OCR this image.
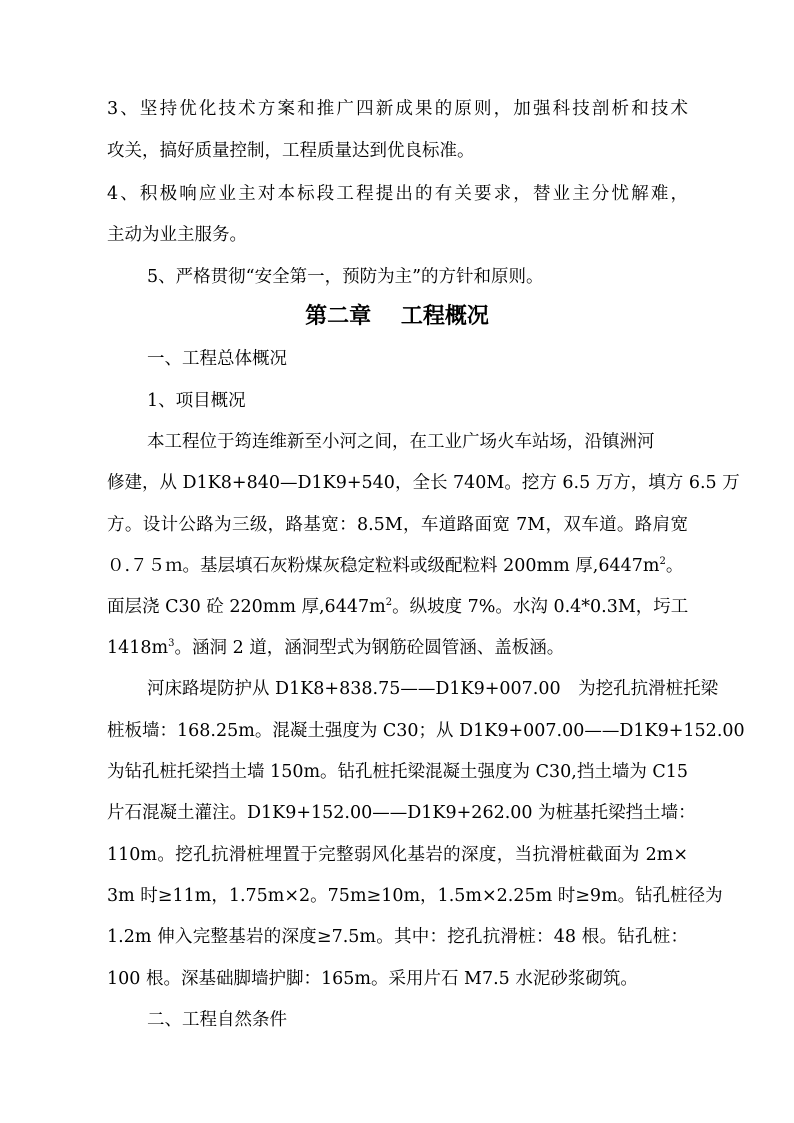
3、坚持优化技术方案和推广四新成果的原则，加强科技剖析和技术

攻关，搞好质量控制，工程质量达到优良标准。

4、积极响应业主对本标段工程提出的有关要求，替业主分忧解难，

主动为业主服务。

5、严格贯彻“安全第一，预防为主”的方针和原则。

第二章　 工程概况

一、工程总体概况

1、项目概况

本工程位于筠连维新至小河之间，在工业广场火车站场，沿镇洲河

修建，从 D1K8+840—D1K9+540，全长 740M。挖方 6.5 万方，填方 6.5 万

方。设计公路为三级，路基宽：8.5M，车道路面宽 7M，双车道。路肩宽

０.７５ｍ。基层填石灰粉煤灰稳定粒料或级配粒料 200mm 厚$,6447m^2$。

面层浇 C30 砼 220mm 厚$,6447m^2$。纵坡度 7%。水沟 0.4*0.3M，圬工

$1418m^3$。涵洞 2 道，涵洞型式为钢筋砼圆管涵、盖板涵。

河床路堤防护从 D1K8+838.75——D1K9+007.00　为挖孔抗滑桩托梁

桩板墙：168.25m。混凝土强度为 C30；从 D1K9+007.00——D1K9+152.00

为钻孔桩托梁挡土墙 150m。钻孔桩托梁混凝土强度为 C30,挡土墙为 C15

片石混凝土灌注。D1K9+152.00——D1K9+262.00 为桩基托梁挡土墙：

110m。挖孔抗滑桩埋置于完整弱风化基岩的深度，当抗滑桩截面为 2m×

3m 时≥11m，1.75m×2。75m≥10m，1.5m×2.25m 时≥9m。钻孔桩径为

1.2m 伸入完整基岩的深度≥7.5m。其中：挖孔抗滑桩：48 根。钻孔桩：

100 根。深基础脚墙护脚：165m。采用片石 M7.5 水泥砂浆砌筑。

二、工程自然条件
